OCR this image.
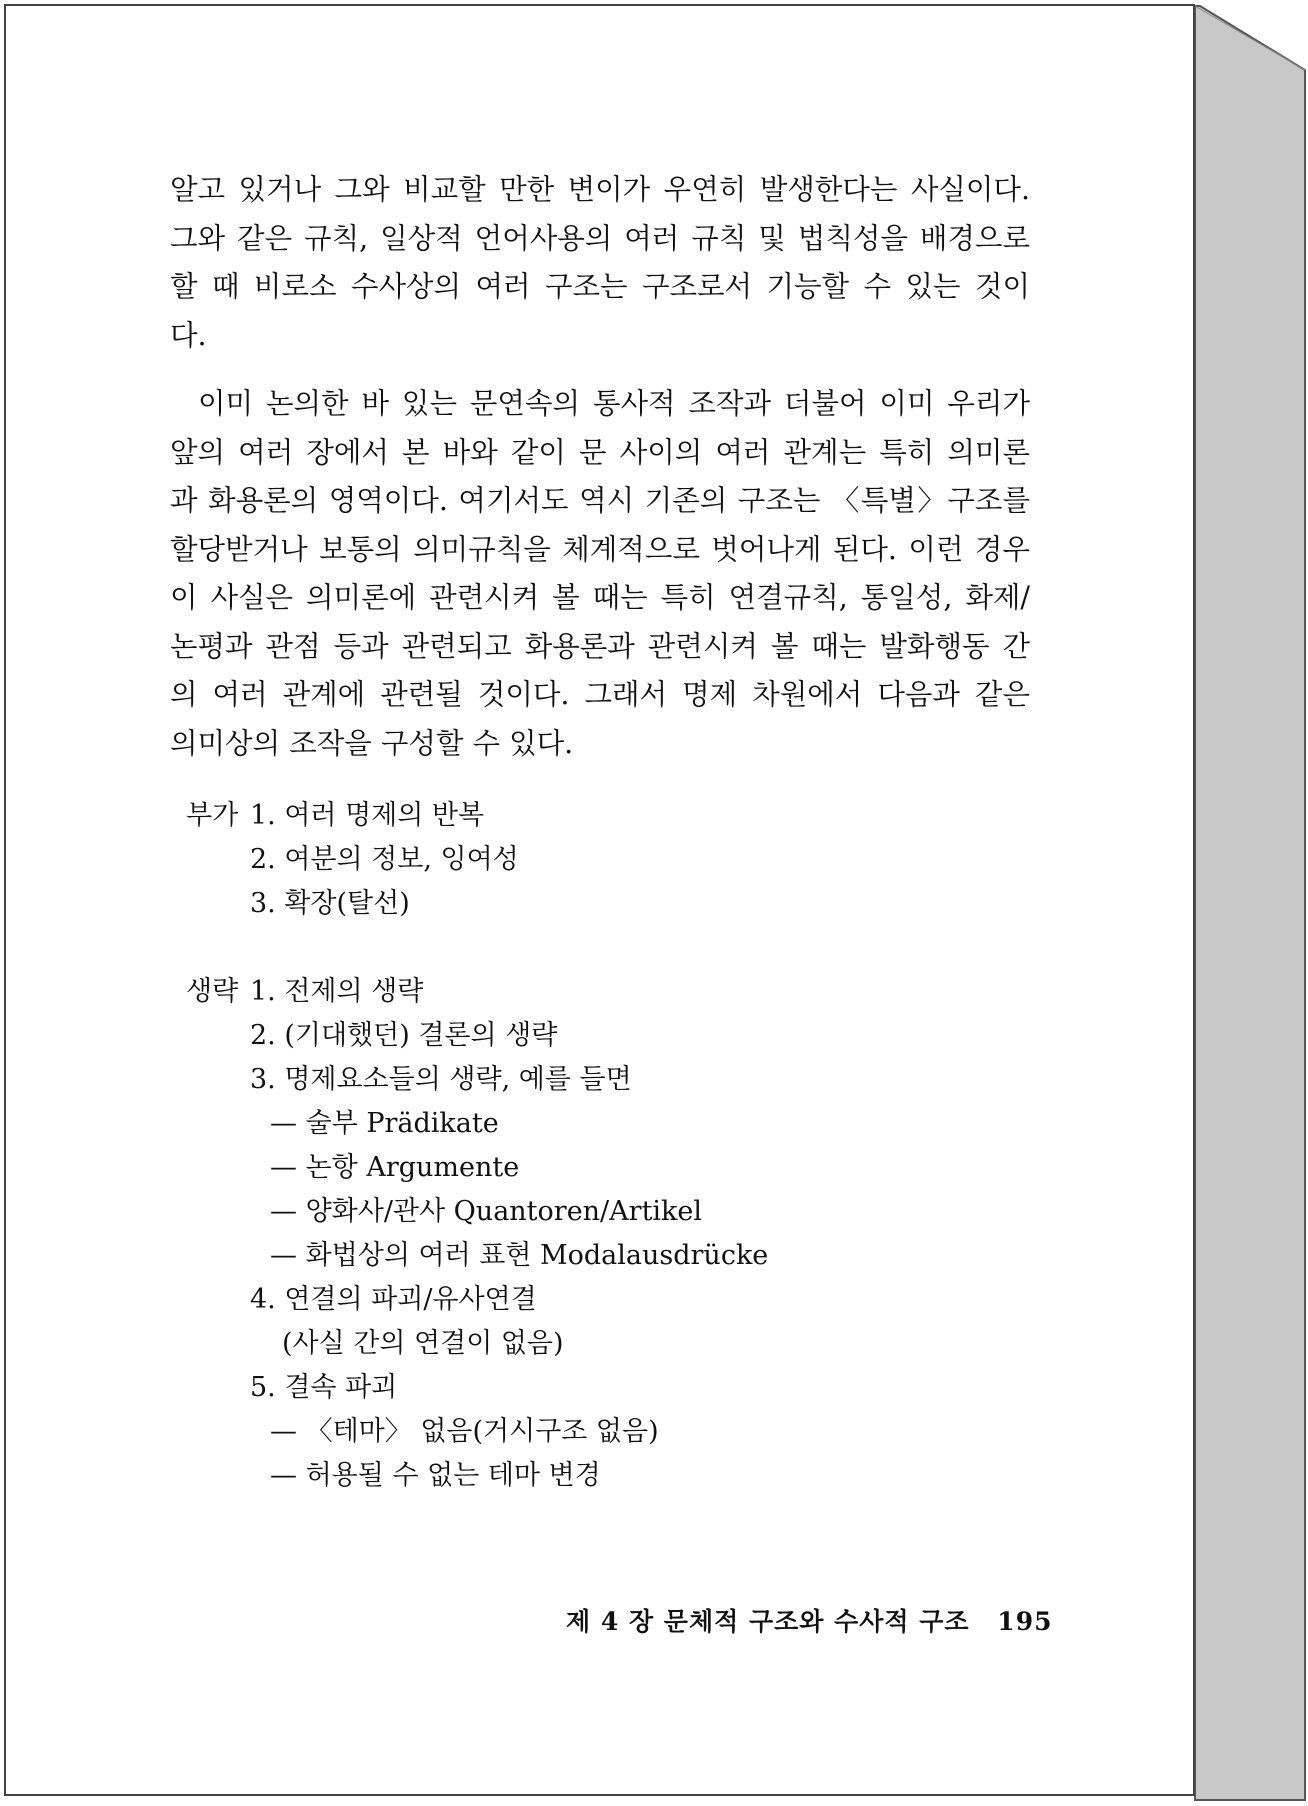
알고 있거나 그와 비교할 만한 변이가 우연히 발생한다는 사실이다.
그와 같은 규칙, 일상적 언어사용의 여러 규칙 및 법칙성을 배경으로
할 때 비로소 수사상의 여러 구조는 구조로서 기능할 수 있는 것이
다.
이미 논의한 바 있는 문연속의 통사적 조작과 더불어 이미 우리가
앞의 여러 장에서 본 바와 같이 문 사이의 여러 관계는 특히 의미론
과 화용론의 영역이다. 여기서도 역시 기존의 구조는 〈특별〉구조를
할당받거나 보통의 의미규칙을 체계적으로 벗어나게 된다. 이런 경우
이 사실은 의미론에 관련시켜 볼 때는 특히 연결규칙, 통일성, 화제/
논평과 관점 등과 관련되고 화용론과 관련시켜 볼 때는 발화행동 간
의 여러 관계에 관련될 것이다. 그래서 명제 차원에서 다음과 같은
의미상의 조작을 구성할 수 있다.
부가 1. 여러 명제의 반복
2. 여분의 정보, 잉여성
3. 확장(탈선)
생략 1. 전제의 생략
2. (기대했던) 결론의 생략
3. 명제요소들의 생략, 예를 들면
— 술부 Prädikate
— 논항 Argumente
— 양화사/관사 Quantoren/Artikel
— 화법상의 여러 표현 Modalausdrücke
4. 연결의 파괴/유사연결
(사실 간의 연결이 없음)
5. 결속 파괴
— 〈테마〉 없음(거시구조 없음)
— 허용될 수 없는 테마 변경
제 4 장 문체적 구조와 수사적 구조 195
